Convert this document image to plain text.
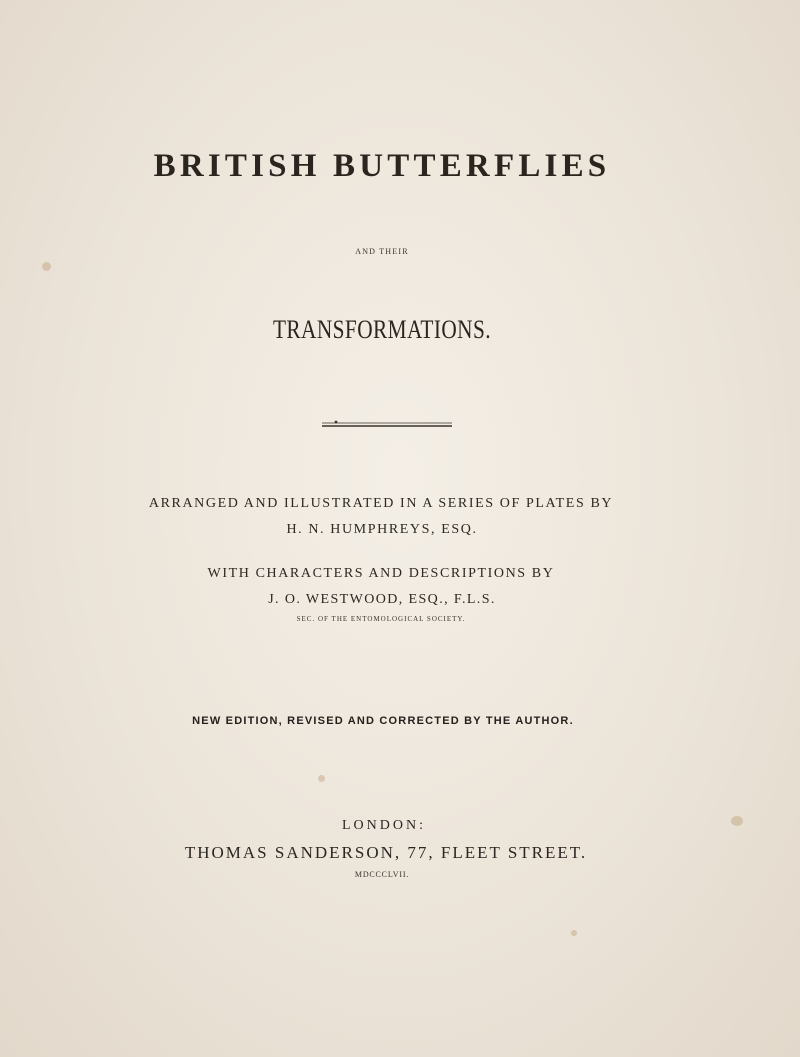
BRITISH BUTTERFLIES
AND THEIR
TRANSFORMATIONS.
ARRANGED AND ILLUSTRATED IN A SERIES OF PLATES BY
H. N. HUMPHREYS, ESQ.
WITH CHARACTERS AND DESCRIPTIONS BY
J. O. WESTWOOD, ESQ., F.L.S.
SEC. OF THE ENTOMOLOGICAL SOCIETY.
NEW EDITION, REVISED AND CORRECTED BY THE AUTHOR.
LONDON:
THOMAS SANDERSON, 77, FLEET STREET.
MDCCCLVII.
